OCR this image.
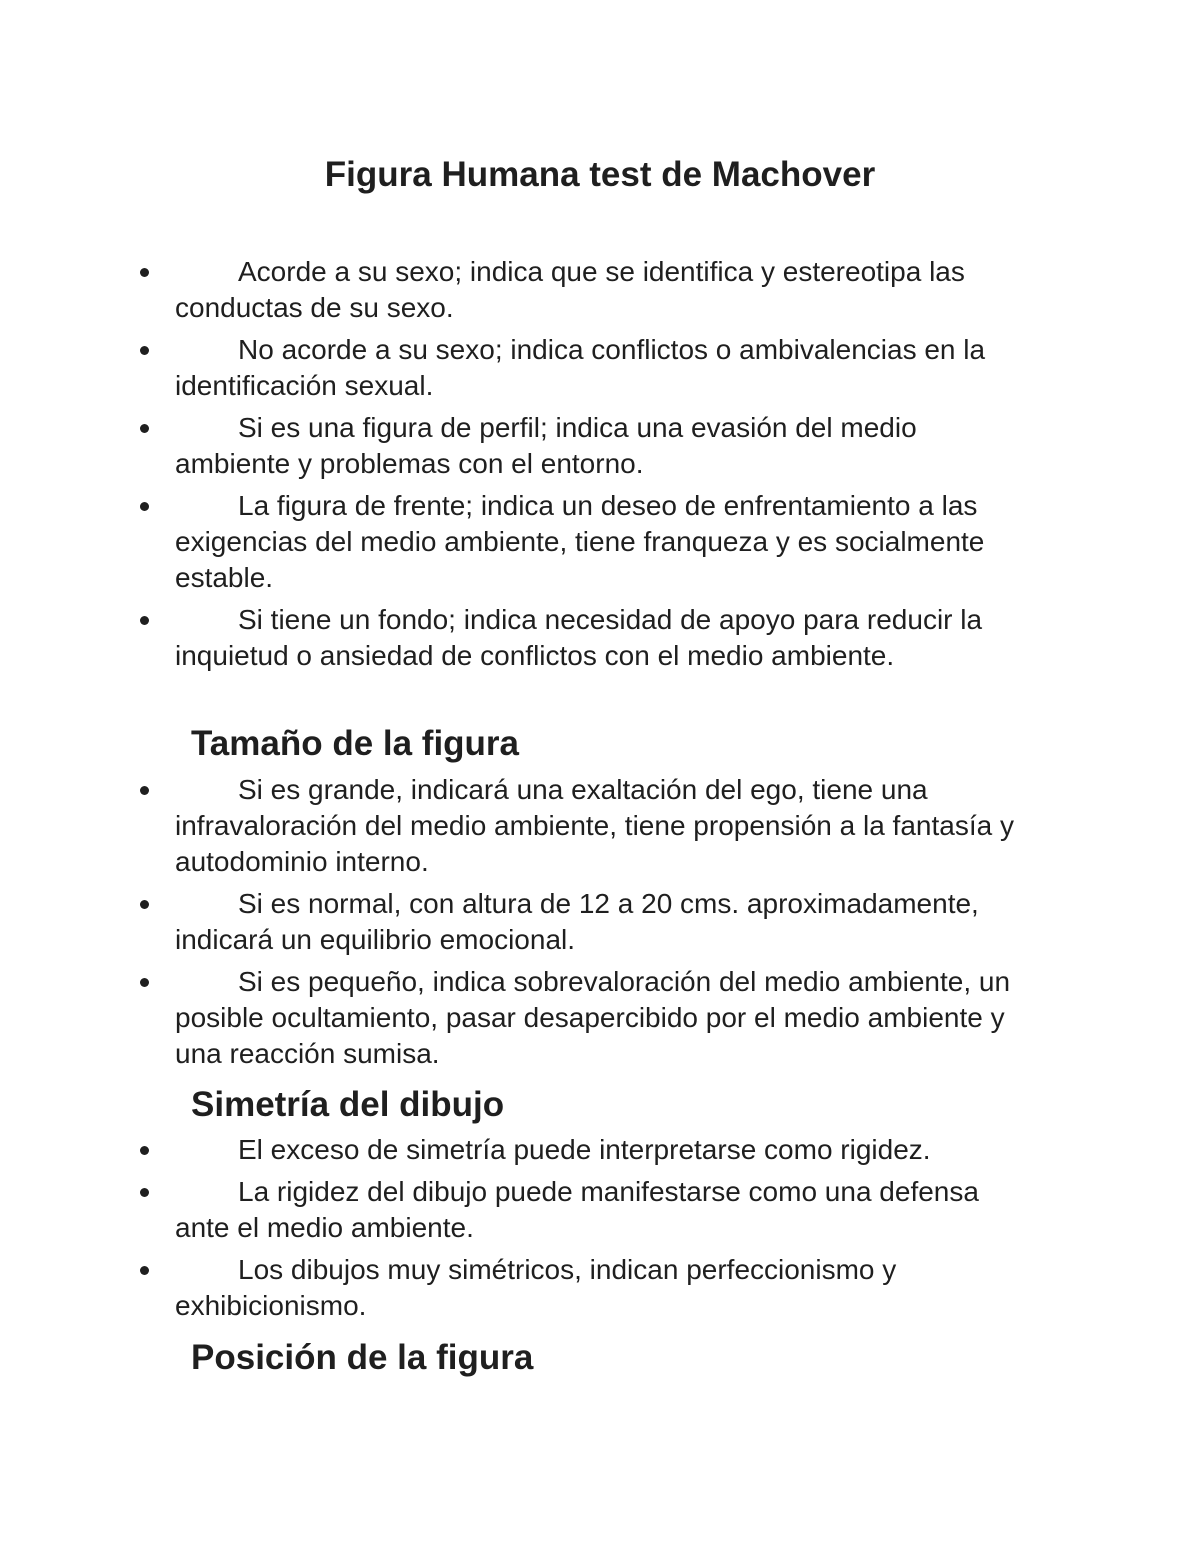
Figura Humana test de Machover
Acorde a su sexo; indica que se identifica y estereotipa las conductas de su sexo.
No acorde a su sexo; indica conflictos o ambivalencias en la identificación sexual.
Si es una figura de perfil; indica una evasión del medio ambiente y problemas con el entorno.
La figura de frente; indica un deseo de enfrentamiento a las exigencias del medio ambiente, tiene franqueza y es socialmente estable.
Si tiene un fondo; indica necesidad de apoyo para reducir la inquietud o ansiedad de conflictos con el medio ambiente.
Tamaño de la figura
Si es grande, indicará una exaltación del ego, tiene una infravaloración del medio ambiente, tiene propensión a la fantasía y autodominio interno.
Si es normal, con altura de 12 a 20 cms. aproximadamente, indicará un equilibrio emocional.
Si es pequeño, indica sobrevaloración del medio ambiente, un posible ocultamiento, pasar desapercibido por el medio ambiente y una reacción sumisa.
Simetría del dibujo
El exceso de simetría puede interpretarse como rigidez.
La rigidez del dibujo puede manifestarse como una defensa ante el medio ambiente.
Los dibujos muy simétricos, indican perfeccionismo y exhibicionismo.
Posición de la figura
